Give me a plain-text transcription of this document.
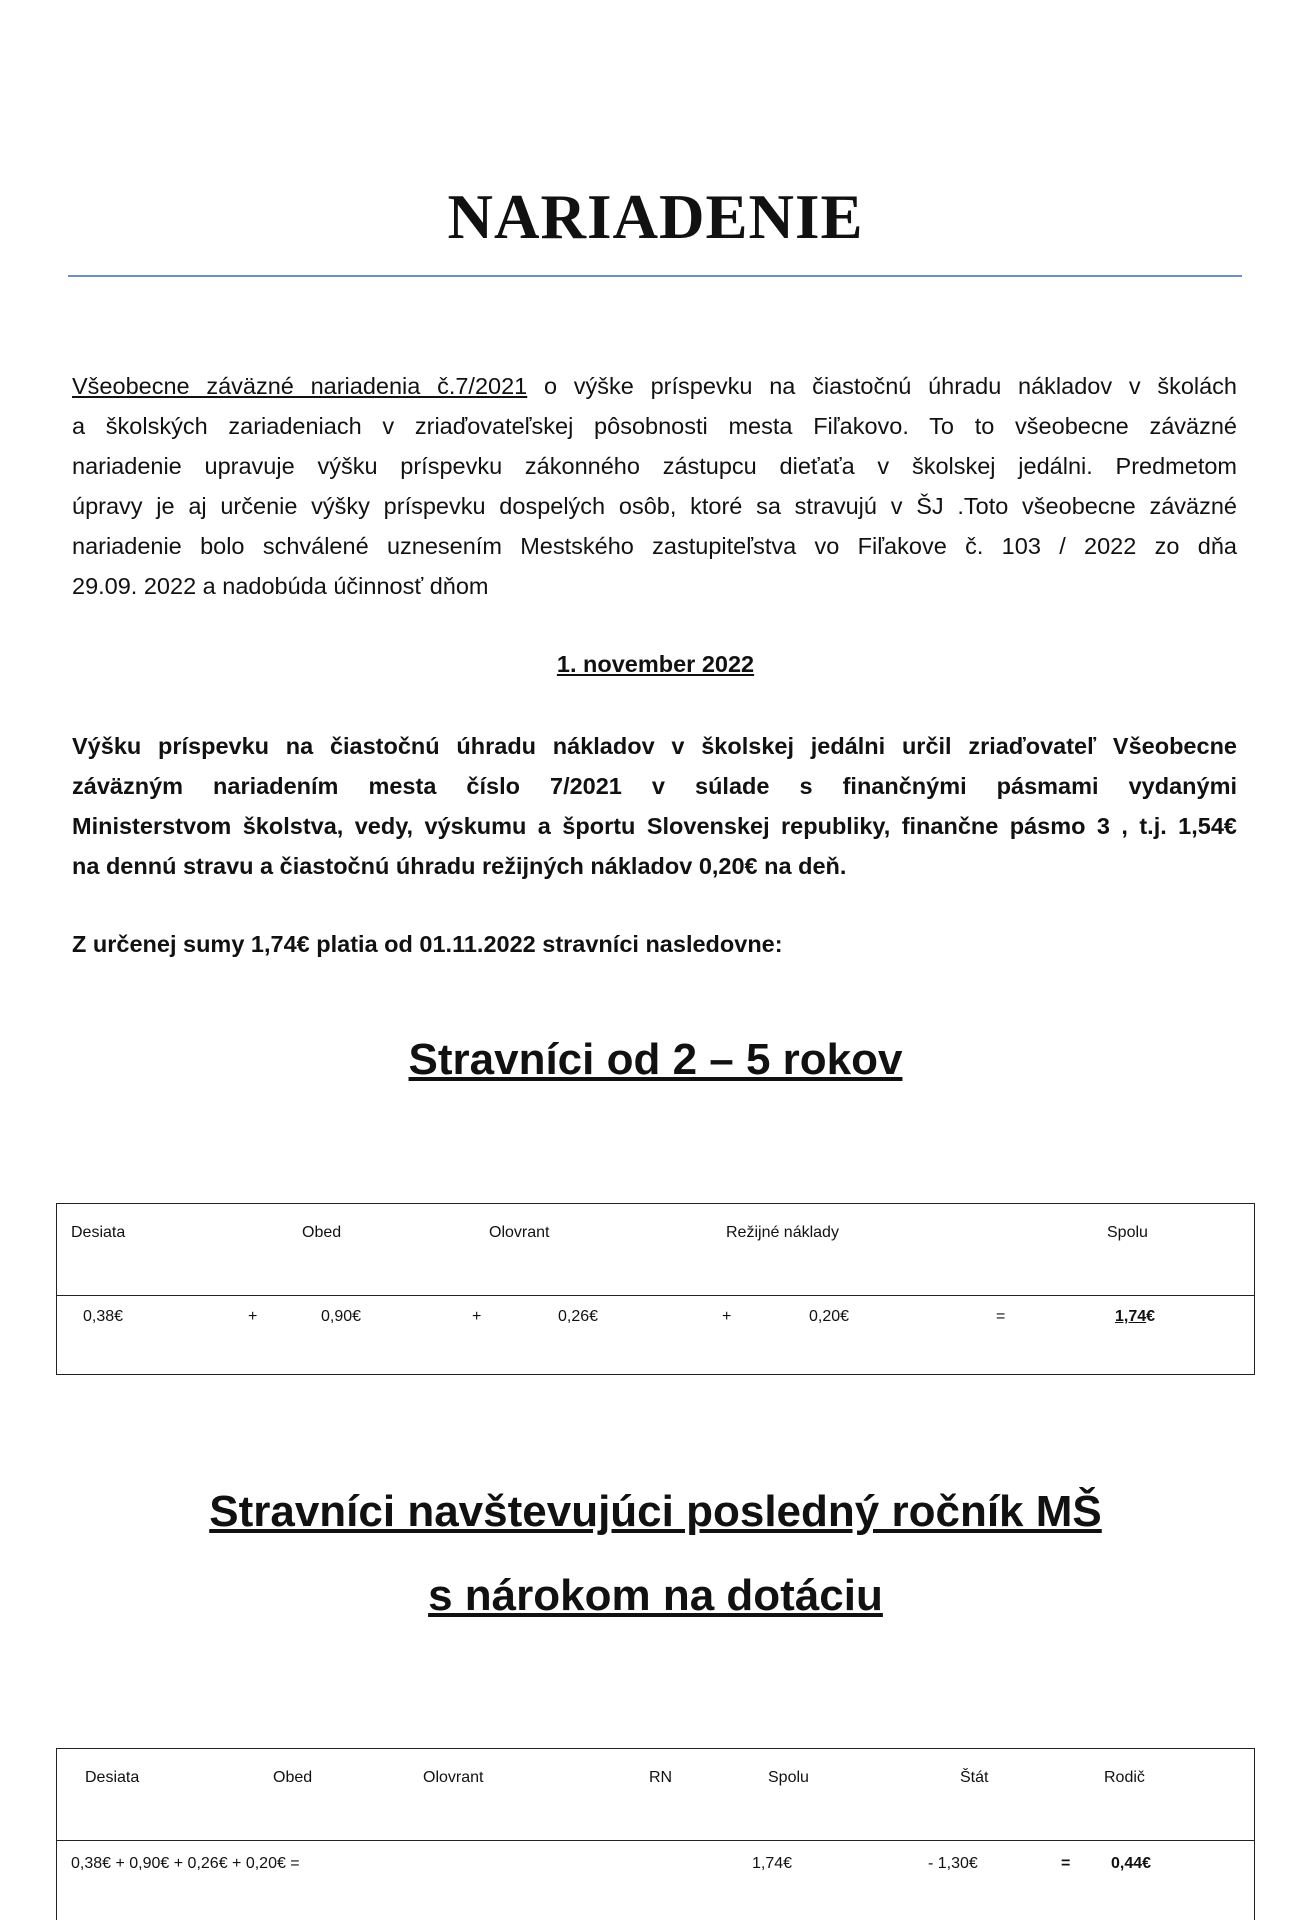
NARIADENIE
Všeobecne záväzné nariadenia č.7/2021 o výške príspevku na čiastočnú úhradu nákladov v školách
a školských zariadeniach v zriaďovateľskej pôsobnosti mesta Fiľakovo. To to všeobecne záväzné
nariadenie upravuje výšku príspevku zákonného zástupcu dieťaťa v školskej jedálni. Predmetom
úpravy je aj určenie výšky príspevku dospelých osôb, ktoré sa stravujú v ŠJ .Toto všeobecne záväzné
nariadenie bolo schválené uznesením Mestského zastupiteľstva vo Fiľakove č. 103 / 2022 zo dňa
29.09. 2022 a nadobúda účinnosť dňom
1. november 2022
Výšku príspevku na čiastočnú úhradu nákladov v školskej jedálni určil zriaďovateľ Všeobecne
záväzným nariadením mesta číslo 7/2021 v súlade s finančnými pásmami vydanými
Ministerstvom školstva, vedy, výskumu a športu Slovenskej republiky, finančne pásmo 3 , t.j. 1,54€
na dennú stravu a čiastočnú úhradu režijných nákladov 0,20€ na deň.
Z určenej sumy 1,74€ platia od 01.11.2022 stravníci nasledovne:
Stravníci od 2 – 5 rokov
Desiata	Obed	Olovrant	Režijné náklady	Spolu

0,38€	+	0,90€	+	0,26€	+	0,20€	=	1,74€
Stravníci navštevujúci posledný ročník MŠ
s nárokom na dotáciu
Desiata	Obed	Olovrant	RN	Spolu	Štát	Rodič

0,38€ + 0,90€ + 0,26€ + 0,20€ =	1,74€	- 1,30€	=	0,44€
